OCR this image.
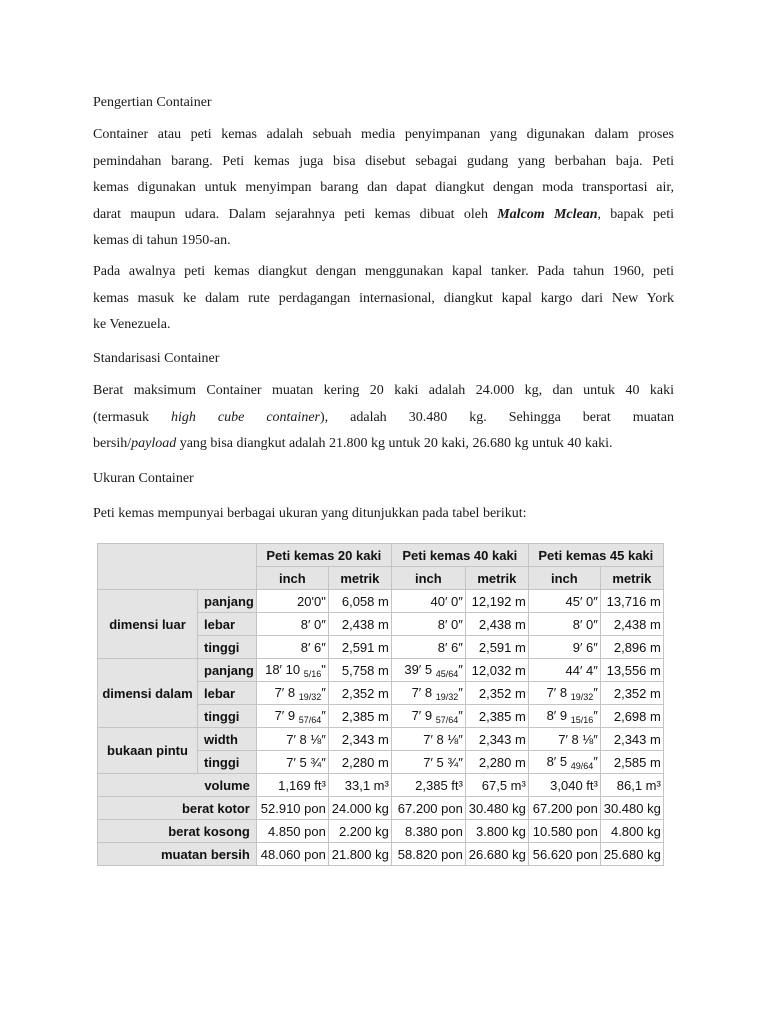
Pengertian Container
Container atau peti kemas adalah sebuah media penyimpanan yang digunakan dalam proses
pemindahan barang. Peti kemas juga bisa disebut sebagai gudang yang berbahan baja. Peti
kemas digunakan untuk menyimpan barang dan dapat diangkut dengan moda transportasi air,
darat maupun udara. Dalam sejarahnya peti kemas dibuat oleh Malcom Mclean, bapak peti
kemas di tahun 1950-an.
Pada awalnya peti kemas diangkut dengan menggunakan kapal tanker. Pada tahun 1960, peti
kemas masuk ke dalam rute perdagangan internasional, diangkut kapal kargo dari New York
ke Venezuela.
Standarisasi Container
Berat maksimum Container muatan kering 20 kaki adalah 24.000 kg, dan untuk 40 kaki
(termasuk high cube container), adalah 30.480 kg. Sehingga berat muatan
bersih/payload yang bisa diangkut adalah 21.800 kg untuk 20 kaki, 26.680 kg untuk 40 kaki.
Ukuran Container
Peti kemas mempunyai berbagai ukuran yang ditunjukkan pada tabel berikut:
		Peti kemas 20 kaki		Peti kemas 40 kaki		Peti kemas 45 kaki	
		inch	metrik	inch	metrik	inch	metrik
dimensi luar	panjang	20'0"	6,058 m	40′ 0″	12,192 m	45′ 0″	13,716 m
	lebar	8′ 0″	2,438 m	8′ 0″	2,438 m	8′ 0″	2,438 m
	tinggi	8′ 6″	2,591 m	8′ 6″	2,591 m	9′ 6″	2,896 m
dimensi dalam	panjang	18′ 10 $_{5/16}$"	5,758 m	39′ 5 $_{45/64}$″	12,032 m	44′ 4″	13,556 m
	lebar	7′ 8 $_{19/32}$″	2,352 m	7′ 8 $_{19/32}$″	2,352 m	7′ 8 $_{19/32}$″	2,352 m
	tinggi	7′ 9 $_{57/64}$″	2,385 m	7′ 9 $_{57/64}$″	2,385 m	8′ 9 $_{15/16}$″	2,698 m
bukaan pintu	width	7′ 8 ⅛″	2,343 m	7′ 8 ⅛″	2,343 m	7′ 8 ⅛″	2,343 m
	tinggi	7′ 5 ¾″	2,280 m	7′ 5 ¾″	2,280 m	8′ 5 $_{49/64}$″	2,585 m
volume		1,169 ft³	33,1 m³	2,385 ft³	67,5 m³	3,040 ft³	86,1 m³
berat kotor		52.910 pon	24.000 kg	67.200 pon	30.480 kg	67.200 pon	30.480 kg
berat kosong		4.850 pon	2.200 kg	8.380 pon	3.800 kg	10.580 pon	4.800 kg
muatan bersih		48.060 pon	21.800 kg	58.820 pon	26.680 kg	56.620 pon	25.680 kg
